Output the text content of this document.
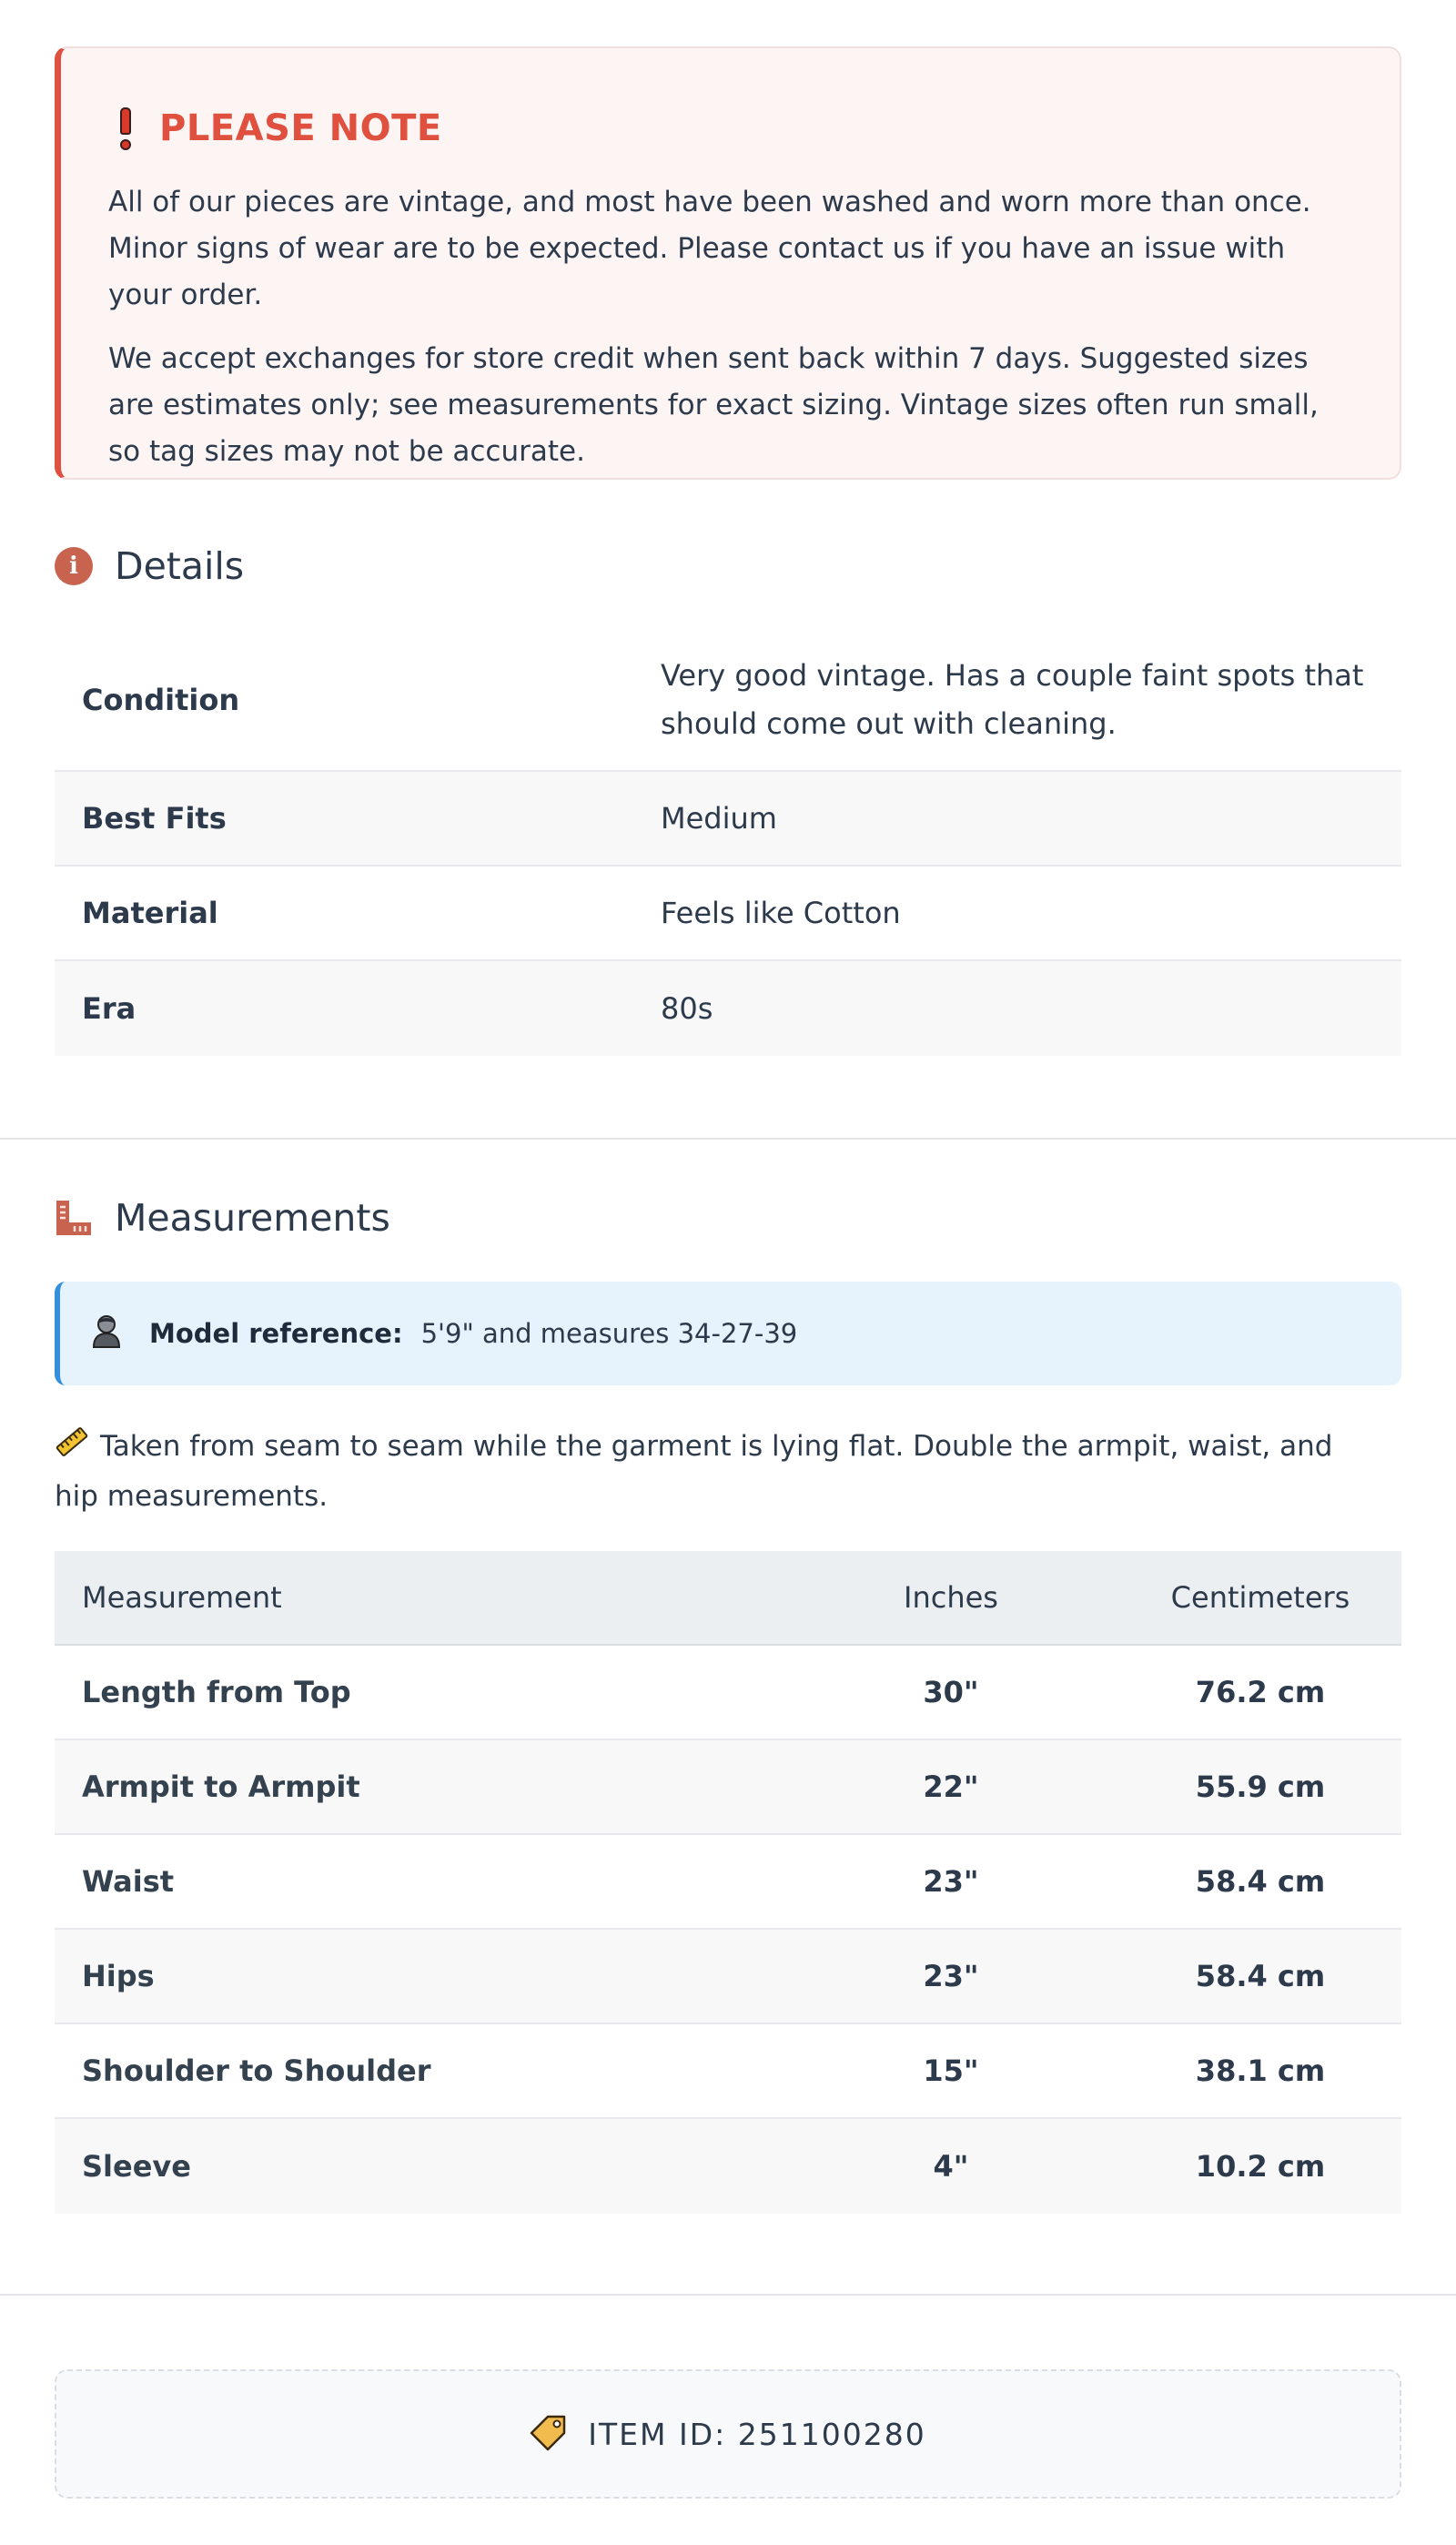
PLEASE NOTE

All of our pieces are vintage, and most have been washed and worn more than once. Minor signs of wear are to be expected. Please contact us if you have an issue with your order.

We accept exchanges for store credit when sent back within 7 days. Suggested sizes are estimates only; see measurements for exact sizing. Vintage sizes often run small, so tag sizes may not be accurate.

i Details
Condition
Very good vintage. Has a couple faint spots that should come out with cleaning.
Best Fits	Medium
Material	Feels like Cotton
Era	80s
Measurements
Model reference: 5'9" and measures 34-27-39
Taken from seam to seam while the garment is lying flat. Double the armpit, waist, and hip measurements.
Measurement	Inches	Centimeters
Length from Top	30"	76.2 cm
Armpit to Armpit	22"	55.9 cm
Waist	23"	58.4 cm
Hips	23"	58.4 cm
Shoulder to Shoulder	15"	38.1 cm
Sleeve	4"	10.2 cm
ITEM ID: 251100280
